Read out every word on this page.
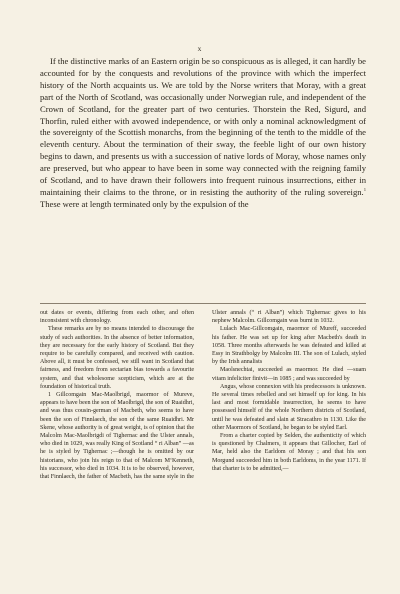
x

If the distinctive marks of an Eastern origin be so conspicuous as is alleged, it can hardly be accounted for by the conquests and revolutions of the province with which the imperfect history of the North acquaints us. We are told by the Norse writers that Moray, with a great part of the North of Scotland, was occasionally under Norwegian rule, and independent of the Crown of Scotland, for the greater part of two centuries. Thorstein the Red, Sigurd, and Thorfin, ruled either with avowed independence, or with only a nominal acknowledgment of the sovereignty of the Scottish monarchs, from the beginning of the tenth to the middle of the eleventh century. About the termination of their sway, the feeble light of our own history begins to dawn, and presents us with a succession of native lords of Moray, whose names only are preserved, but who appear to have been in some way connected with the reigning family of Scotland, and to have drawn their followers into frequent ruinous insurrections, either in maintaining their claims to the throne, or in resisting the authority of the ruling sovereign.$^1$ These were at length terminated only by the expulsion of the

out dates or events, differing from each other, and often inconsistent with chronology.

These remarks are by no means intended to discourage the study of such authorities. In the absence of better information, they are necessary for the early history of Scotland. But they require to be carefully compared, and received with caution. Above all, it must be confessed, we still want in Scotland that fairness, and freedom from sectarian bias towards a favourite system, and that wholesome scepticism, which are at the foundation of historical truth.

1 Gillcomgain Mac-Maolbrigd, maormor of Mureve, appears to have been the son of Maolbrigd, the son of Ruaidhri, and was thus cousin-german of Macbeth, who seems to have been the son of Finnlaech, the son of the same Ruaidhri. Mr Skene, whose authority is of great weight, is of opinion that the Malcolm Mac-Maolbrigdi of Tighernac and the Ulster annals, who died in 1029, was really King of Scotland “ ri Alban” —as he is styled by Tighernac ;—though he is omitted by our historians, who join his reign to that of Malcom M‘Kenneth, his successor, who died in 1034. It is to be observed, however, that Finnlaech, the father of Macbeth, has the same style in the Ulster annals (“ ri Alban”) which Tighernac gives to his nephew Malcolm. Gillcomgain was burnt in 1032.

Lulach Mac-Gillcomgain, maormor of Mureff, succeeded his father. He was set up for king after Macbeth's death in 1058. Three months afterwards he was defeated and killed at Essy in Strathbolgy by Malcolm III. The son of Lulach, styled by the Irish annalists

Maolsnechtai, succeeded as maormor. He died —suam vitam infeliciter finivit—in 1085 ; and was succeeded by

Angus, whose connexion with his predecessors is unknown. He several times rebelled and set himself up for king. In his last and most formidable insurrection, he seems to have possessed himself of the whole Northern districts of Scotland, until he was defeated and slain at Stracathro in 1130. Like the other Maormors of Scotland, he began to be styled Earl.

From a charter copied by Selden, the authenticity of which is questioned by Chalmers, it appears that Gillocher, Earl of Mar, held also the Earldom of Moray ; and that his son Morgund succeeded him in both Earldoms, in the year 1171. If that charter is to be admitted,—
